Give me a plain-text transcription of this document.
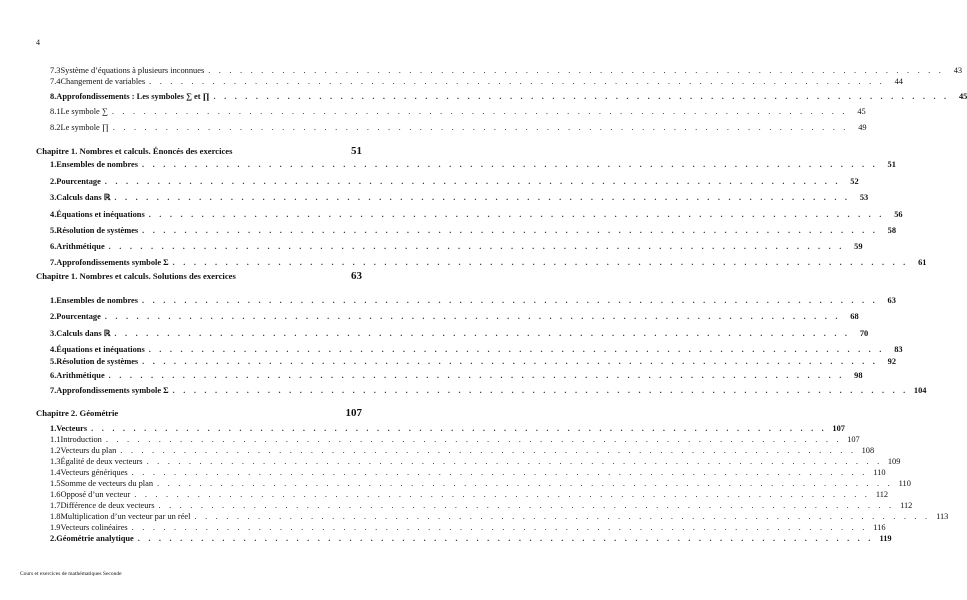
4
7.3 Système d’équations à plusieurs inconnues . . . . . . . . . . . . . . . . . . . . . . . . . . . . . . . . . . . . . . . . . . . . . . . . . . . . . . . . . . . . . . . . . . . . . .	43
7.4 Changement de variables . . . . . . . . . . . . . . . . . . . . . . . . . . . . . . . . . . . . . . . . . . . . . . . . . . . . . . . . . . . . . . . . . . . . . .	44
8. Approfondissements : Les symboles ∑ et ∏ . . . . . . . . . . . . . . . . . . . . . . . . . . . . . . . . . . . . . . . . . . . . . . . . . . . . . . . . . . . . . . . . . . . . . .	45
8.1 Le symbole ∑ . . . . . . . . . . . . . . . . . . . . . . . . . . . . . . . . . . . . . . . . . . . . . . . . . . . . . . . . . . . . . . . . . . . . . .	45
8.2 Le symbole ∏ . . . . . . . . . . . . . . . . . . . . . . . . . . . . . . . . . . . . . . . . . . . . . . . . . . . . . . . . . . . . . . . . . . . . . .	49
Chapitre 1. Nombres et calculs. Énoncés des exercices	51
1. Ensembles de nombres . . . . . . . . . . . . . . . . . . . . . . . . . . . . . . . . . . . . . . . . . . . . . . . . . . . . . . . . . . . . . . . . . . . . . .	51
2. Pourcentage . . . . . . . . . . . . . . . . . . . . . . . . . . . . . . . . . . . . . . . . . . . . . . . . . . . . . . . . . . . . . . . . . . . . . .	52
3. Calculs dans ℝ . . . . . . . . . . . . . . . . . . . . . . . . . . . . . . . . . . . . . . . . . . . . . . . . . . . . . . . . . . . . . . . . . . . . . .	53
4. Équations et inéquations . . . . . . . . . . . . . . . . . . . . . . . . . . . . . . . . . . . . . . . . . . . . . . . . . . . . . . . . . . . . . . . . . . . . . .	56
5. Résolution de systèmes . . . . . . . . . . . . . . . . . . . . . . . . . . . . . . . . . . . . . . . . . . . . . . . . . . . . . . . . . . . . . . . . . . . . . .	58
6. Arithmétique . . . . . . . . . . . . . . . . . . . . . . . . . . . . . . . . . . . . . . . . . . . . . . . . . . . . . . . . . . . . . . . . . . . . . .	59
7. Approfondissements symbole Σ . . . . . . . . . . . . . . . . . . . . . . . . . . . . . . . . . . . . . . . . . . . . . . . . . . . . . . . . . . . . . . . . . . . . . .	61
Chapitre 1. Nombres et calculs. Solutions des exercices	63
1. Ensembles de nombres . . . . . . . . . . . . . . . . . . . . . . . . . . . . . . . . . . . . . . . . . . . . . . . . . . . . . . . . . . . . . . . . . . . . . .	63
2. Pourcentage . . . . . . . . . . . . . . . . . . . . . . . . . . . . . . . . . . . . . . . . . . . . . . . . . . . . . . . . . . . . . . . . . . . . . .	68
3. Calculs dans ℝ . . . . . . . . . . . . . . . . . . . . . . . . . . . . . . . . . . . . . . . . . . . . . . . . . . . . . . . . . . . . . . . . . . . . . .	70
4. Équations et inéquations . . . . . . . . . . . . . . . . . . . . . . . . . . . . . . . . . . . . . . . . . . . . . . . . . . . . . . . . . . . . . . . . . . . . . .	83
5. Résolution de systèmes . . . . . . . . . . . . . . . . . . . . . . . . . . . . . . . . . . . . . . . . . . . . . . . . . . . . . . . . . . . . . . . . . . . . . .	92
6. Arithmétique . . . . . . . . . . . . . . . . . . . . . . . . . . . . . . . . . . . . . . . . . . . . . . . . . . . . . . . . . . . . . . . . . . . . . .	98
7. Approfondissements symbole Σ . . . . . . . . . . . . . . . . . . . . . . . . . . . . . . . . . . . . . . . . . . . . . . . . . . . . . . . . . . . . . . . . . . . . . . 104
Chapitre 2. Géométrie	107
1. Vecteurs . . . . . . . . . . . . . . . . . . . . . . . . . . . . . . . . . . . . . . . . . . . . . . . . . . . . . . . . . . . . . . . . . . . . . . 107
1.1 Introduction . . . . . . . . . . . . . . . . . . . . . . . . . . . . . . . . . . . . . . . . . . . . . . . . . . . . . . . . . . . . . . . . . . . . . . 107
1.2 Vecteurs du plan . . . . . . . . . . . . . . . . . . . . . . . . . . . . . . . . . . . . . . . . . . . . . . . . . . . . . . . . . . . . . . . . . . . . . . 108
1.3 Égalité de deux vecteurs . . . . . . . . . . . . . . . . . . . . . . . . . . . . . . . . . . . . . . . . . . . . . . . . . . . . . . . . . . . . . . . . . . . . . . 109
1.4 Vecteurs génériques . . . . . . . . . . . . . . . . . . . . . . . . . . . . . . . . . . . . . . . . . . . . . . . . . . . . . . . . . . . . . . . . . . . . . . 110
1.5 Somme de vecteurs du plan . . . . . . . . . . . . . . . . . . . . . . . . . . . . . . . . . . . . . . . . . . . . . . . . . . . . . . . . . . . . . . . . . . . . . . 110
1.6 Opposé d’un vecteur . . . . . . . . . . . . . . . . . . . . . . . . . . . . . . . . . . . . . . . . . . . . . . . . . . . . . . . . . . . . . . . . . . . . . . 112
1.7 Différence de deux vecteurs . . . . . . . . . . . . . . . . . . . . . . . . . . . . . . . . . . . . . . . . . . . . . . . . . . . . . . . . . . . . . . . . . . . . . . 112
1.8 Multiplication d’un vecteur par un réel . . . . . . . . . . . . . . . . . . . . . . . . . . . . . . . . . . . . . . . . . . . . . . . . . . . . . . . . . . . . . . . . . . . . . . 113
1.9 Vecteurs colinéaires . . . . . . . . . . . . . . . . . . . . . . . . . . . . . . . . . . . . . . . . . . . . . . . . . . . . . . . . . . . . . . . . . . . . . . 116
2. Géométrie analytique . . . . . . . . . . . . . . . . . . . . . . . . . . . . . . . . . . . . . . . . . . . . . . . . . . . . . . . . . . . . . . . . . . . . . . 119
Cours et exercices de mathématiques Seconde
